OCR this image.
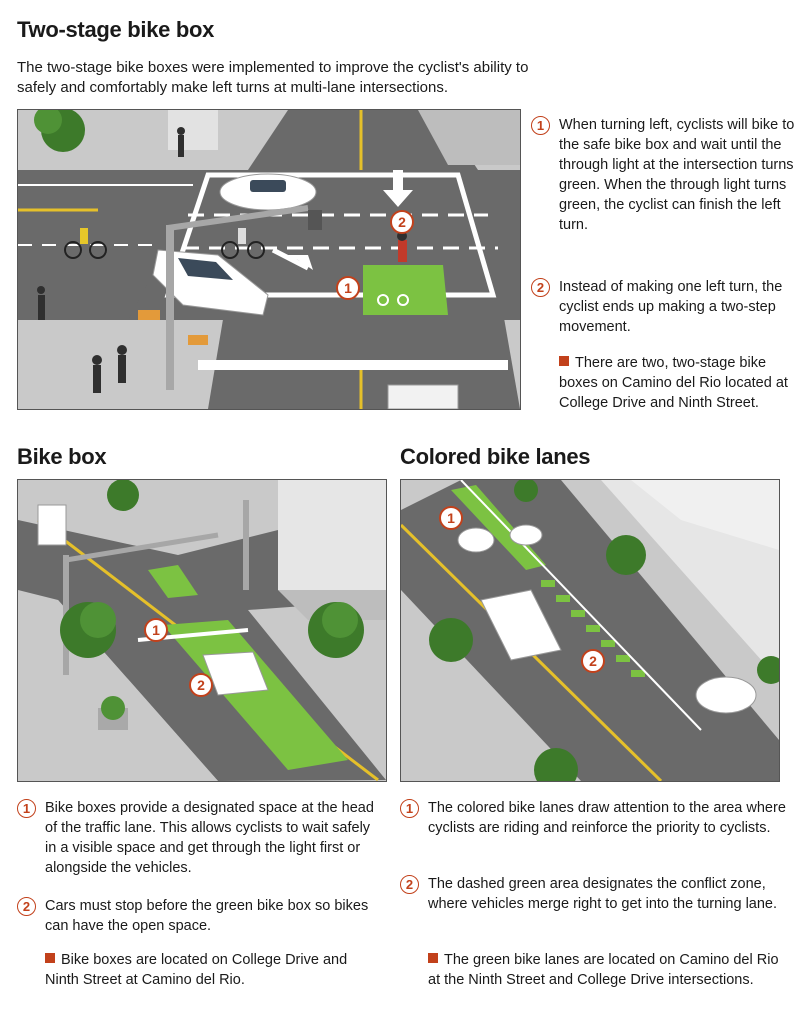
Two-stage bike box
The two-stage bike boxes were implemented to improve the cyclist's ability to safely and comfortably make left turns at multi-lane intersections.
2
1
1	When turning left, cyclists will bike to the safe bike box and wait until the through light at the intersection turns green. When the through light turns green, the cyclist can finish the left turn.
2	Instead of making one left turn, the cyclist ends up making a two-step movement.
There are two, two-stage bike boxes on Camino del Rio located at College Drive and Ninth Street.
Bike box
1
2
1	Bike boxes provide a designated space at the head of the traffic lane. This allows cyclists to wait safely in a visible space and get through the light first or alongside the vehicles.
2	Cars must stop before the green bike box so bikes can have the open space.
Bike boxes are located on College Drive and Ninth Street at Camino del Rio.
Colored bike lanes
1
2
1	The colored bike lanes draw attention to the area where cyclists are riding and reinforce the priority to cyclists.
2	The dashed green area designates the conflict zone, where vehicles merge right to get into the turning lane.
The green bike lanes are located on Camino del Rio at the Ninth Street and College Drive intersections.
